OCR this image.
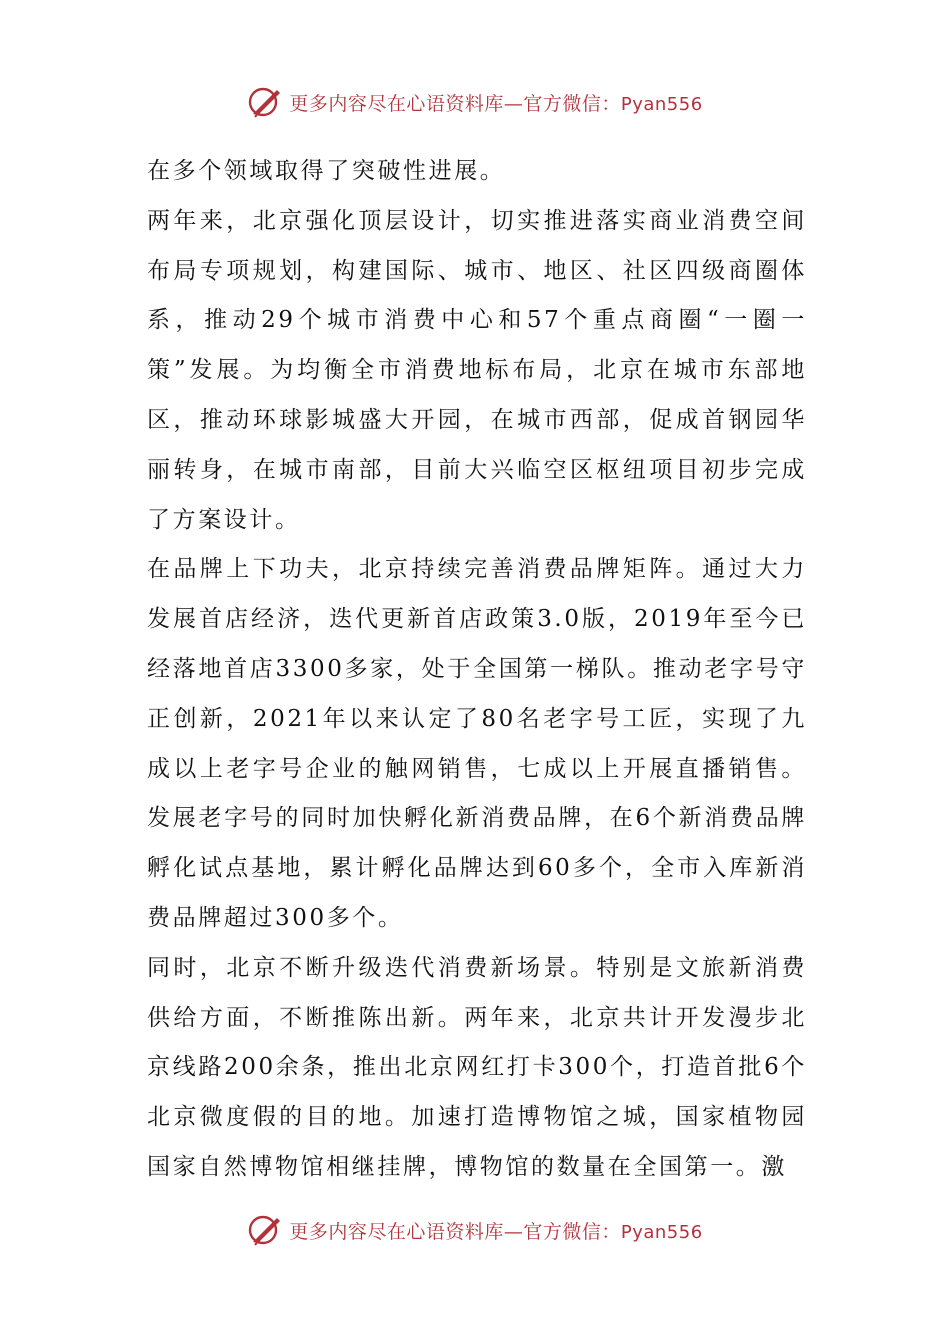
更多内容尽在心语资料库—官方微信：Pyan556

在多个领域取得了突破性进展。

两年来，北京强化顶层设计，切实推进落实商业消费空间布局专项规划，构建国际、城市、地区、社区四级商圈体系，推动29个城市消费中心和57个重点商圈“一圈一策”发展。为均衡全市消费地标布局，北京在城市东部地区，推动环球影城盛大开园，在城市西部，促成首钢园华丽转身，在城市南部，目前大兴临空区枢纽项目初步完成了方案设计。

在品牌上下功夫，北京持续完善消费品牌矩阵。通过大力发展首店经济，迭代更新首店政策3.0版，2019年至今已经落地首店3300多家，处于全国第一梯队。推动老字号守正创新，2021年以来认定了80名老字号工匠，实现了九成以上老字号企业的触网销售，七成以上开展直播销售。发展老字号的同时加快孵化新消费品牌，在6个新消费品牌孵化试点基地，累计孵化品牌达到60多个，全市入库新消费品牌超过300多个。

同时，北京不断升级迭代消费新场景。特别是文旅新消费供给方面，不断推陈出新。两年来，北京共计开发漫步北京线路200余条，推出北京网红打卡300个，打造首批6个北京微度假的目的地。加速打造博物馆之城，国家植物园国家自然博物馆相继挂牌，博物馆的数量在全国第一。激

更多内容尽在心语资料库—官方微信：Pyan556
